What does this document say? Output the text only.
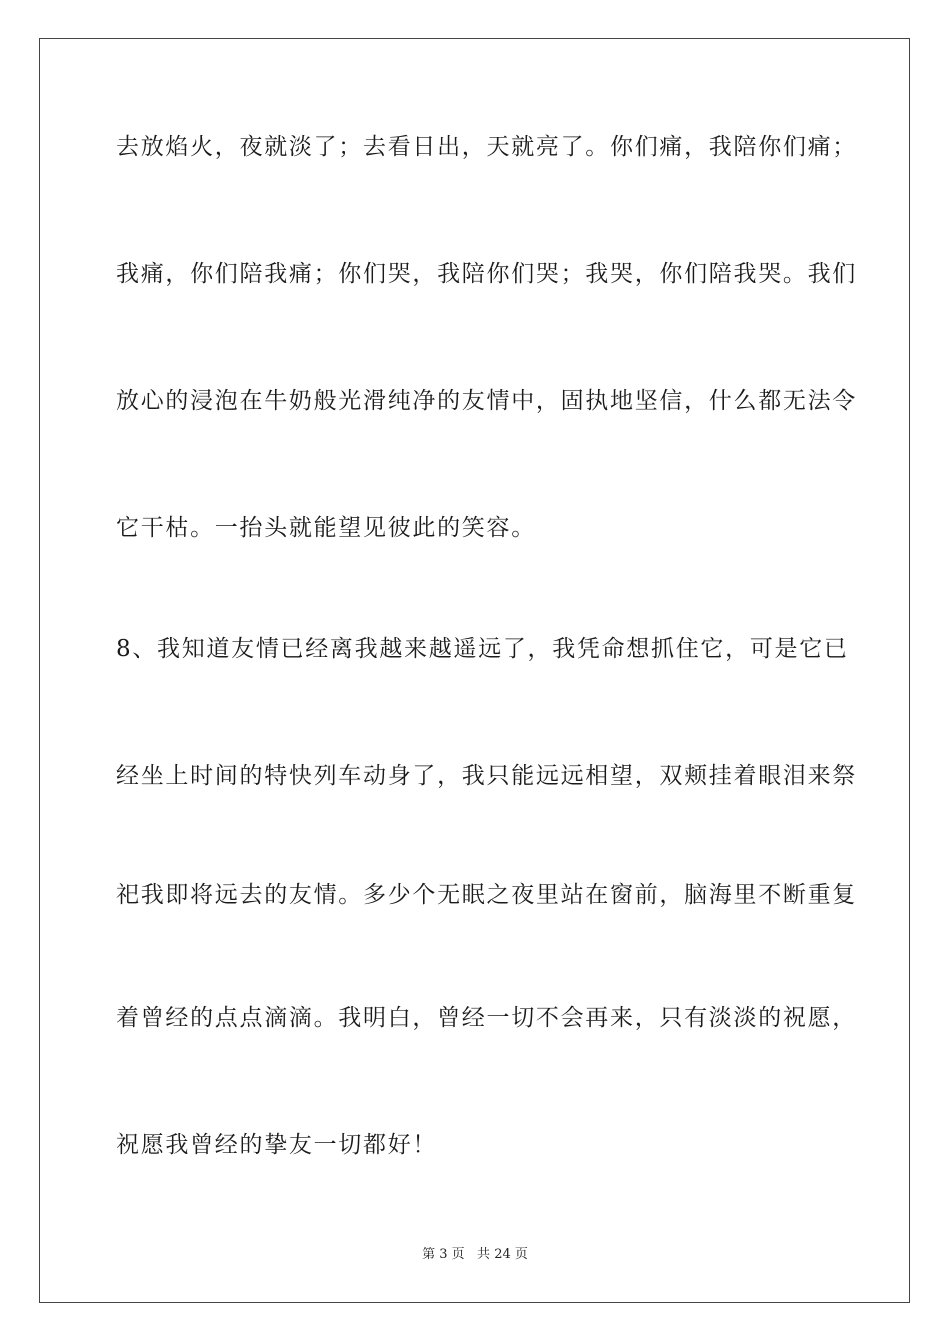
去放焰火，夜就淡了；去看日出，天就亮了。你们痛，我陪你们痛；
我痛，你们陪我痛；你们哭，我陪你们哭；我哭，你们陪我哭。我们
放心的浸泡在牛奶般光滑纯净的友情中，固执地坚信，什么都无法令
它干枯。一抬头就能望见彼此的笑容。
8、我知道友情已经离我越来越遥远了，我凭命想抓住它，可是它已
经坐上时间的特快列车动身了，我只能远远相望，双颊挂着眼泪来祭
祀我即将远去的友情。多少个无眠之夜里站在窗前，脑海里不断重复
着曾经的点点滴滴。我明白，曾经一切不会再来，只有淡淡的祝愿，
祝愿我曾经的挚友一切都好！
第 3 页   共 24 页
